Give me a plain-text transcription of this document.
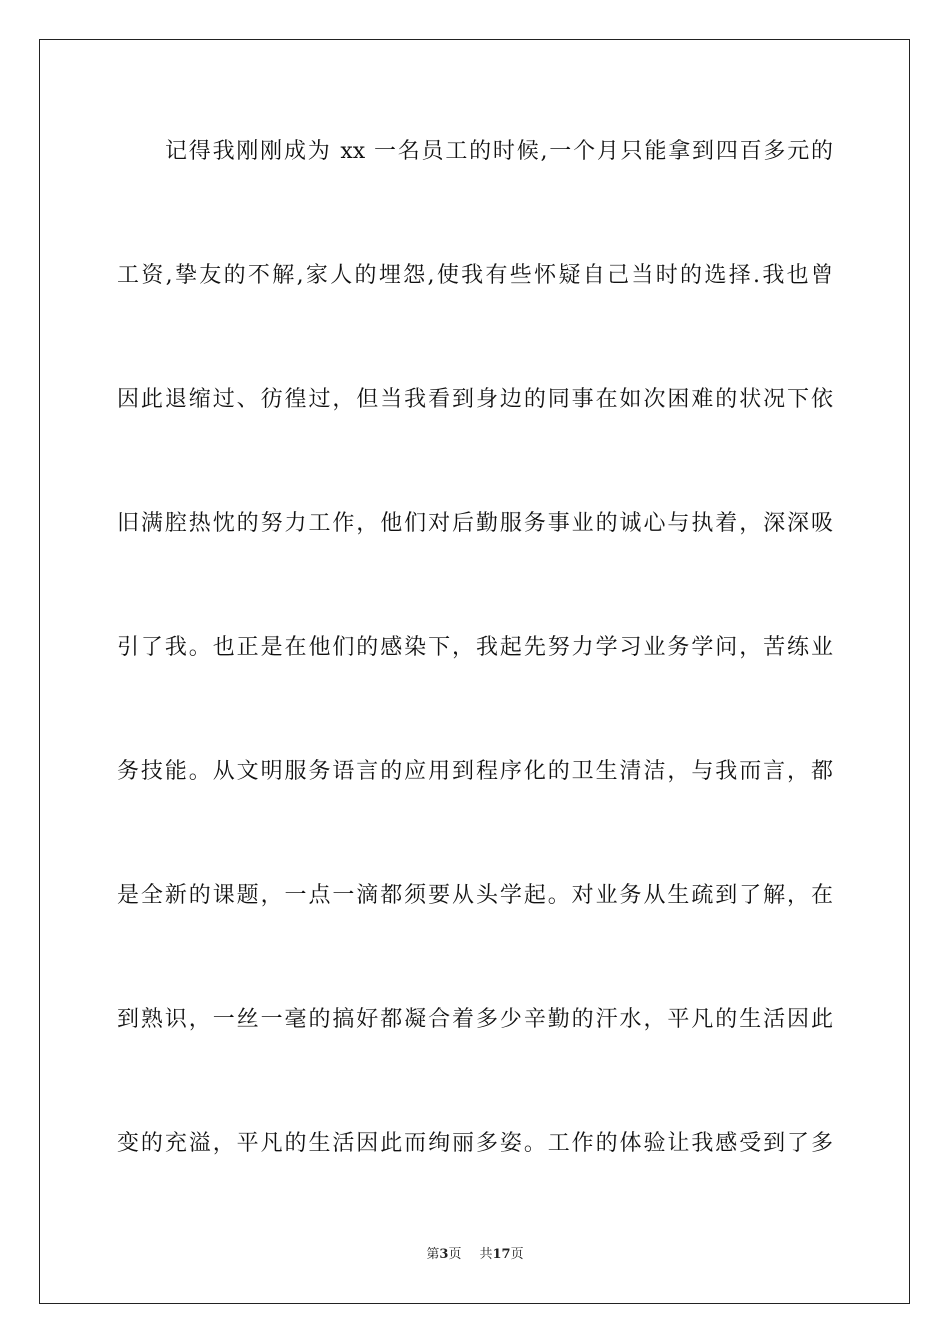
记得我刚刚成为 xx 一名员工的时候,一个月只能拿到四百多元的
工资,挚友的不解,家人的埋怨,使我有些怀疑自己当时的选择.我也曾
因此退缩过、彷徨过，但当我看到身边的同事在如次困难的状况下依
旧满腔热忱的努力工作，他们对后勤服务事业的诚心与执着，深深吸
引了我。也正是在他们的感染下，我起先努力学习业务学问，苦练业
务技能。从文明服务语言的应用到程序化的卫生清洁，与我而言，都
是全新的课题，一点一滴都须要从头学起。对业务从生疏到了解，在
到熟识，一丝一毫的搞好都凝合着多少辛勤的汗水，平凡的生活因此
变的充溢，平凡的生活因此而绚丽多姿。工作的体验让我感受到了多
第3页 共17页
